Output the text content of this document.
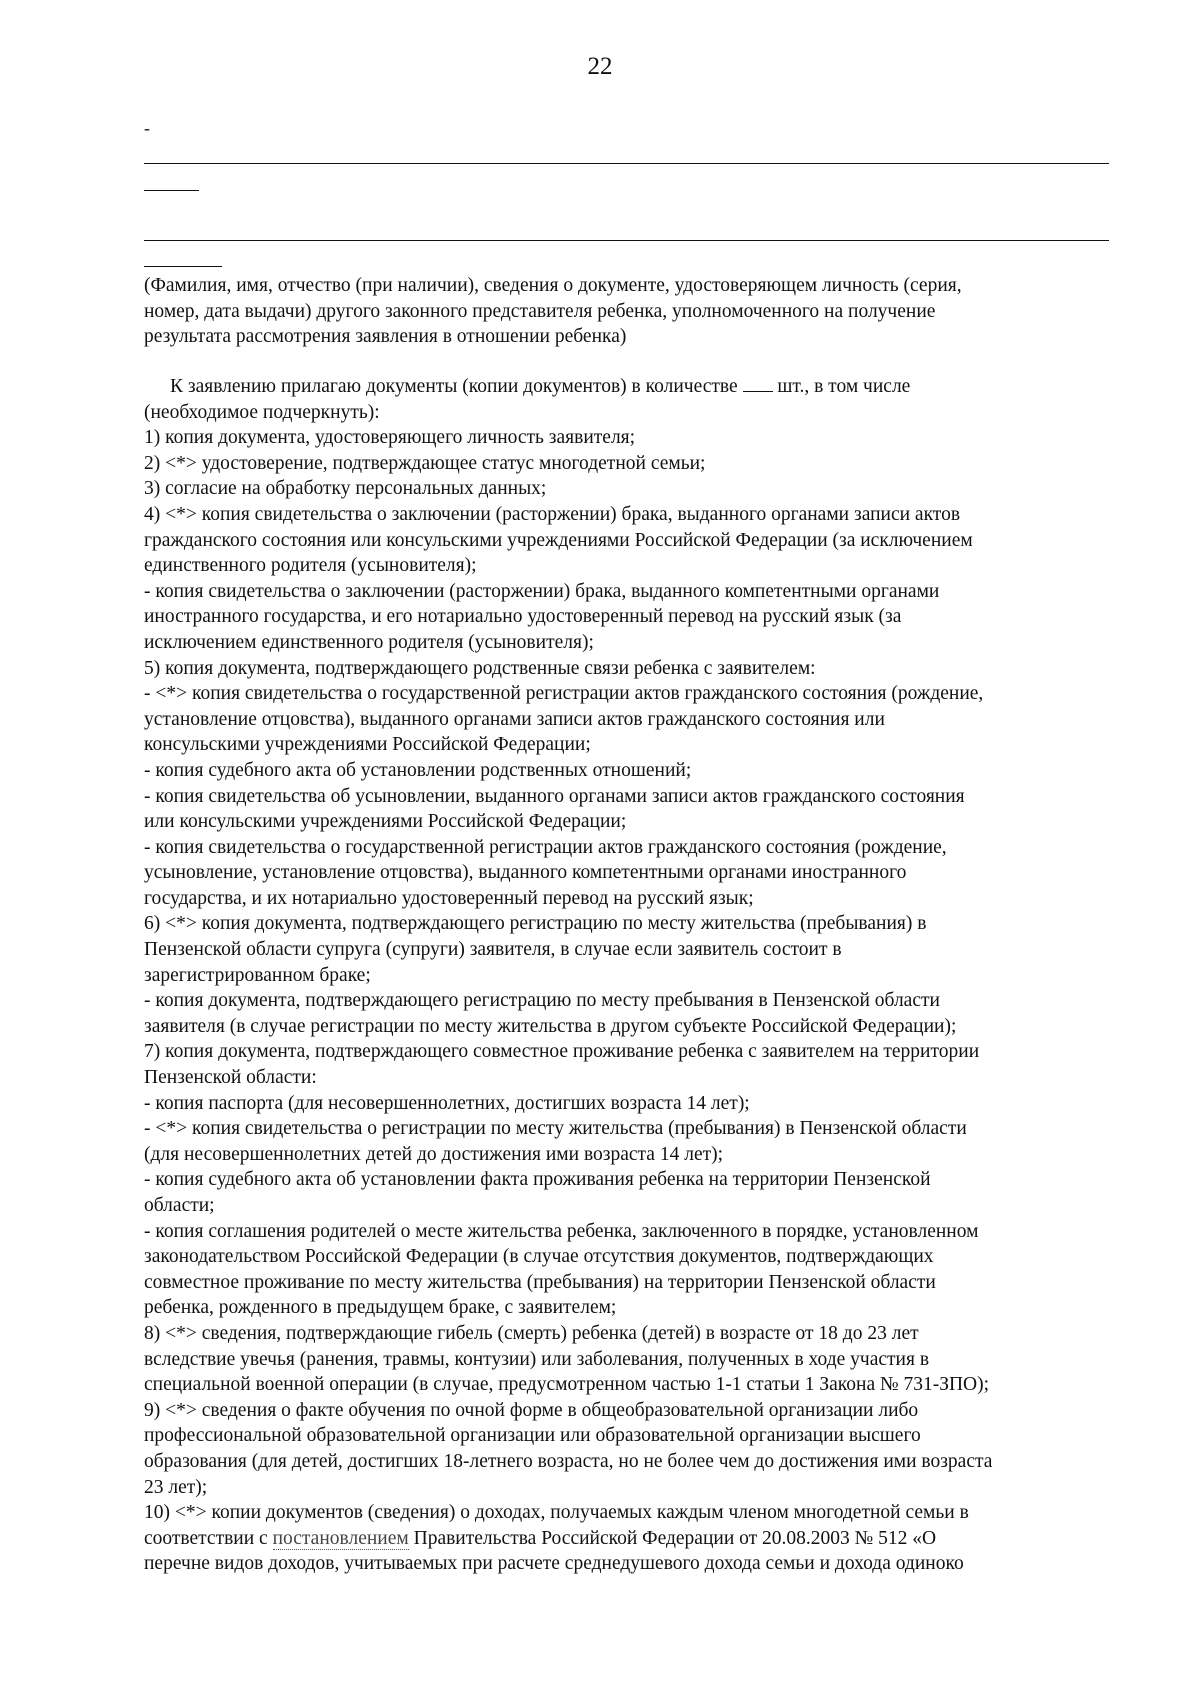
22
-

(Фамилия, имя, отчество (при наличии), сведения о документе, удостоверяющем личность (серия,

номер, дата выдачи) другого законного представителя ребенка, уполномоченного на получение

результата рассмотрения заявления в отношении ребенка)

К заявлению прилагаю документы (копии документов) в количестве  шт., в том числе

(необходимое подчеркнуть):

1) копия документа, удостоверяющего личность заявителя;

2) <*> удостоверение, подтверждающее статус многодетной семьи;

3) согласие на обработку персональных данных;

4) <*> копия свидетельства о заключении (расторжении) брака, выданного органами записи актов

гражданского состояния или консульскими учреждениями Российской Федерации (за исключением

единственного родителя (усыновителя);

- копия свидетельства о заключении (расторжении) брака, выданного компетентными органами

иностранного государства, и его нотариально удостоверенный перевод на русский язык (за

исключением единственного родителя (усыновителя);

5) копия документа, подтверждающего родственные связи ребенка с заявителем:

- <*> копия свидетельства о государственной регистрации актов гражданского состояния (рождение,

установление отцовства), выданного органами записи актов гражданского состояния или

консульскими учреждениями Российской Федерации;

- копия судебного акта об установлении родственных отношений;

- копия свидетельства об усыновлении, выданного органами записи актов гражданского состояния

или консульскими учреждениями Российской Федерации;

- копия свидетельства о государственной регистрации актов гражданского состояния (рождение,

усыновление, установление отцовства), выданного компетентными органами иностранного

государства, и их нотариально удостоверенный перевод на русский язык;

6) <*> копия документа, подтверждающего регистрацию по месту жительства (пребывания) в

Пензенской области супруга (супруги) заявителя, в случае если заявитель состоит в

зарегистрированном браке;

- копия документа, подтверждающего регистрацию по месту пребывания в Пензенской области

заявителя (в случае регистрации по месту жительства в другом субъекте Российской Федерации);

7) копия документа, подтверждающего совместное проживание ребенка с заявителем на территории

Пензенской области:

- копия паспорта (для несовершеннолетних, достигших возраста 14 лет);

- <*> копия свидетельства о регистрации по месту жительства (пребывания) в Пензенской области

(для несовершеннолетних детей до достижения ими возраста 14 лет);

- копия судебного акта об установлении факта проживания ребенка на территории Пензенской

области;

- копия соглашения родителей о месте жительства ребенка, заключенного в порядке, установленном

законодательством Российской Федерации (в случае отсутствия документов, подтверждающих

совместное проживание по месту жительства (пребывания) на территории Пензенской области

ребенка, рожденного в предыдущем браке, с заявителем;

8) <*> сведения, подтверждающие гибель (смерть) ребенка (детей) в возрасте от 18 до 23 лет

вследствие увечья (ранения, травмы, контузии) или заболевания, полученных в ходе участия в

специальной военной операции (в случае, предусмотренном частью 1-1 статьи 1 Закона № 731-ЗПО);

9) <*> сведения о факте обучения по очной форме в общеобразовательной организации либо

профессиональной образовательной организации или образовательной организации высшего

образования (для детей, достигших 18-летнего возраста, но не более чем до достижения ими возраста

23 лет);

10) <*> копии документов (сведения) о доходах, получаемых каждым членом многодетной семьи в

соответствии с постановлением Правительства Российской Федерации от 20.08.2003 № 512 «О

перечне видов доходов, учитываемых при расчете среднедушевого дохода семьи и дохода одиноко
